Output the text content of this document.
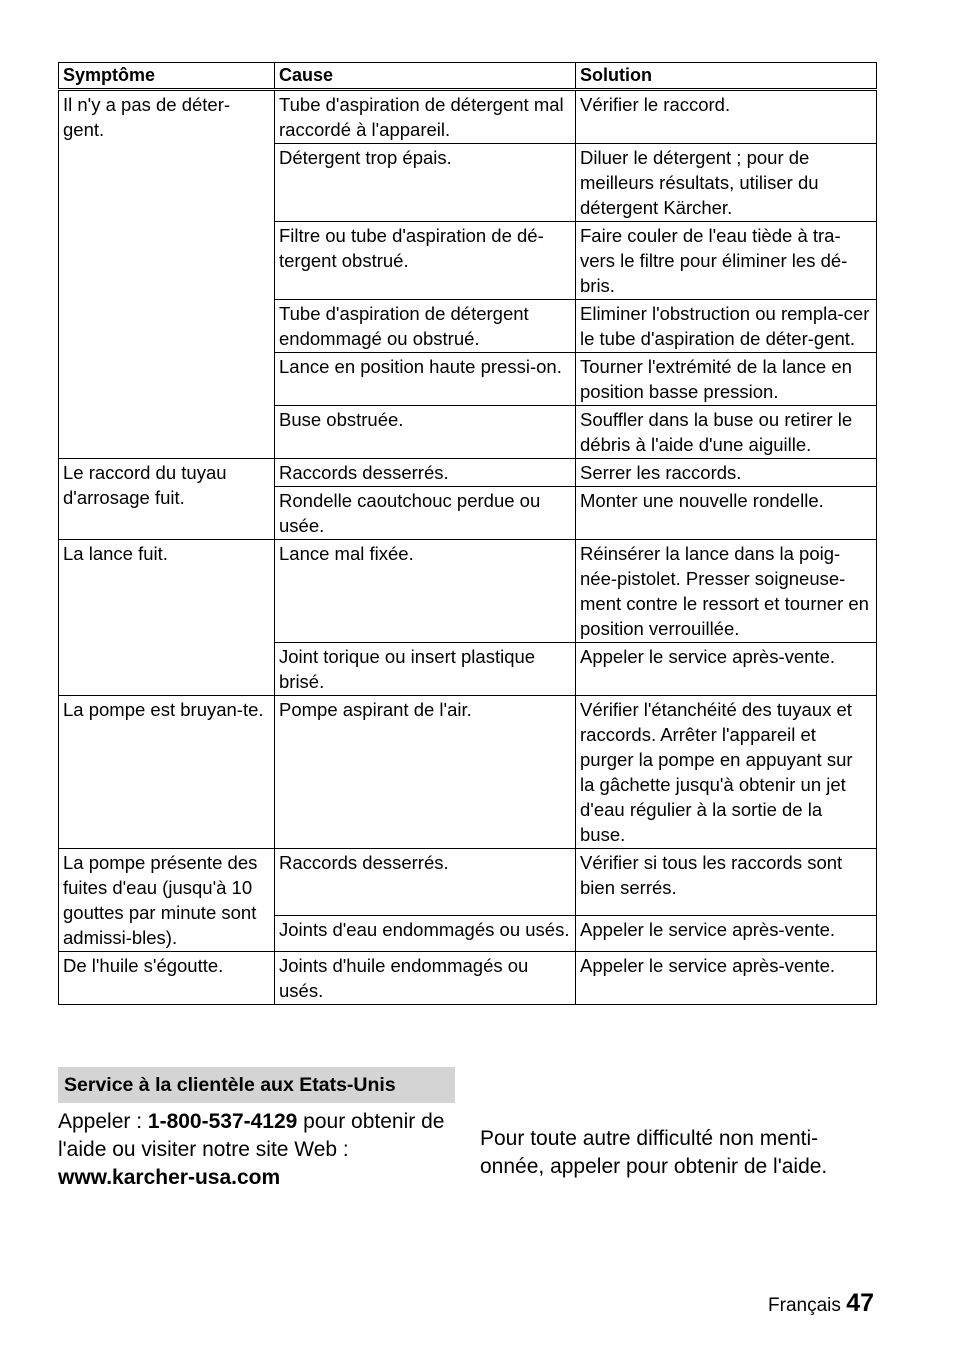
Symptôme	Cause	Solution
Il n'y a pas de déter-gent.	Tube d'aspiration de détergent mal raccordé à l'appareil.	Vérifier le raccord.
	Détergent trop épais.	Diluer le détergent ; pour de meilleurs résultats, utiliser du détergent Kärcher.
	Filtre ou tube d'aspiration de dé-tergent obstrué.	Faire couler de l'eau tiède à tra-vers le filtre pour éliminer les dé-bris.
	Tube d'aspiration de détergent endommagé ou obstrué.	Eliminer l'obstruction ou rempla-cer le tube d'aspiration de déter-gent.
	Lance en position haute pressi-on.	Tourner l'extrémité de la lance en position basse pression.
	Buse obstruée.	Souffler dans la buse ou retirer le débris à l'aide d'une aiguille.
Le raccord du tuyau d'arrosage fuit.	Raccords desserrés.	Serrer les raccords.
	Rondelle caoutchouc perdue ou usée.	Monter une nouvelle rondelle.
La lance fuit.	Lance mal fixée.	Réinsérer la lance dans la poig-née-pistolet. Presser soigneuse-ment contre le ressort et tourner en position verrouillée.
	Joint torique ou insert plastique brisé.	Appeler le service après-vente.
La pompe est bruyan-te.	Pompe aspirant de l'air.	Vérifier l'étanchéité des tuyaux et raccords. Arrêter l'appareil et purger la pompe en appuyant sur la gâchette jusqu'à obtenir un jet d'eau régulier à la sortie de la buse.
La pompe présente des fuites d'eau (jusqu'à 10 gouttes par minute sont admissi-bles).	Raccords desserrés.	Vérifier si tous les raccords sont bien serrés.
	Joints d'eau endommagés ou usés.	Appeler le service après-vente.
De l'huile s'égoutte.	Joints d'huile endommagés ou usés.	Appeler le service après-vente.
Service à la clientèle aux Etats-Unis
Appeler : 1-800-537-4129 pour obtenir de l'aide ou visiter notre site Web :
www.karcher-usa.com
Pour toute autre difficulté non menti-onnée, appeler pour obtenir de l'aide.
Français 47
